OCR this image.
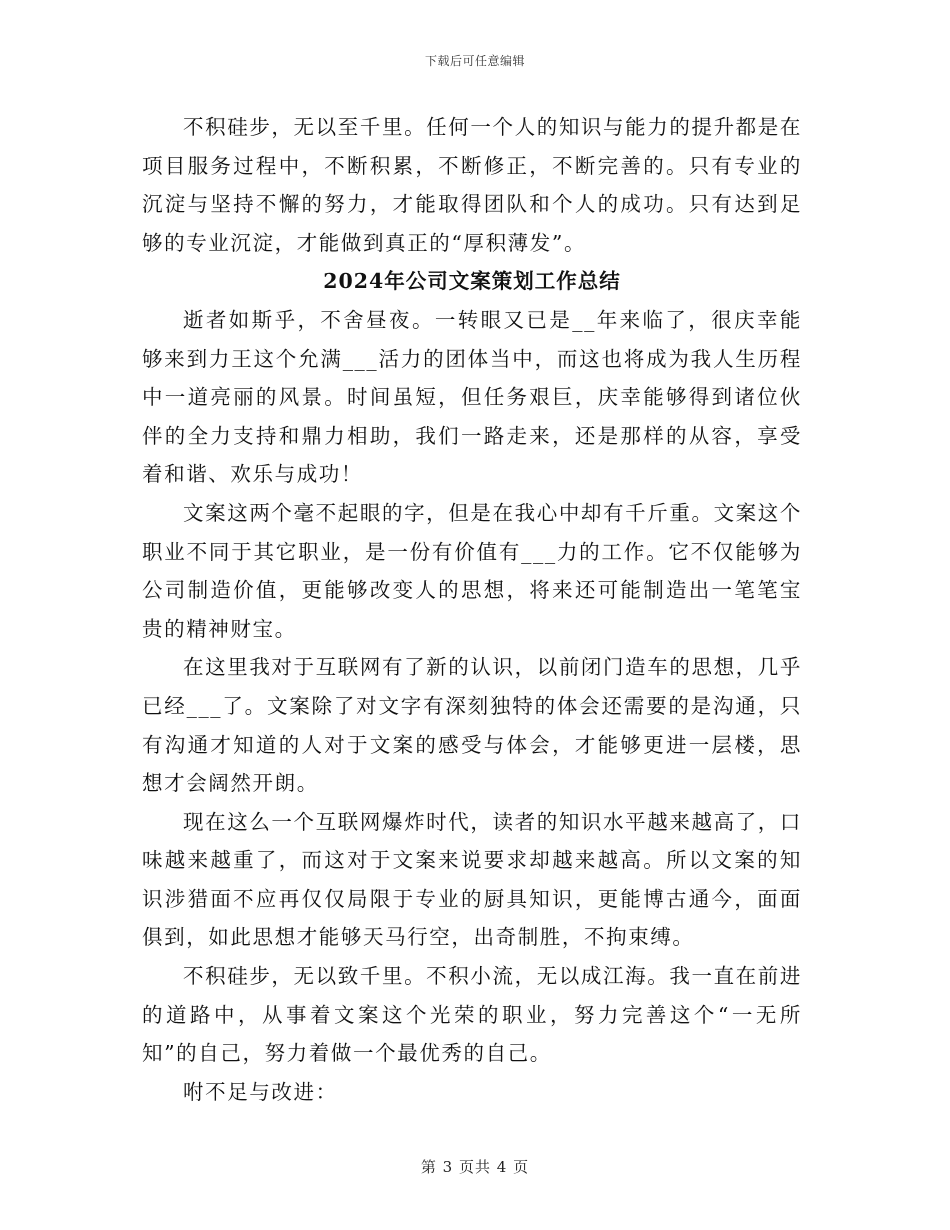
下载后可任意编辑

不积硅步，无以至千里。任何一个人的知识与能力的提升都是在项目服务过程中，不断积累，不断修正，不断完善的。只有专业的沉淀与坚持不懈的努力，才能取得团队和个人的成功。只有达到足够的专业沉淀，才能做到真正的“厚积薄发”。

2024年公司文案策划工作总结

逝者如斯乎，不舍昼夜。一转眼又已是__年来临了，很庆幸能够来到力王这个允满___活力的团体当中，而这也将成为我人生历程中一道亮丽的风景。时间虽短，但任务艰巨，庆幸能够得到诸位伙伴的全力支持和鼎力相助，我们一路走来，还是那样的从容，享受着和谐、欢乐与成功！

文案这两个毫不起眼的字，但是在我心中却有千斤重。文案这个职业不同于其它职业，是一份有价值有___力的工作。它不仅能够为公司制造价值，更能够改变人的思想，将来还可能制造出一笔笔宝贵的精神财宝。

在这里我对于互联网有了新的认识，以前闭门造车的思想，几乎已经___了。文案除了对文字有深刻独特的体会还需要的是沟通，只有沟通才知道的人对于文案的感受与体会，才能够更进一层楼，思想才会阔然开朗。

现在这么一个互联网爆炸时代，读者的知识水平越来越高了，口味越来越重了，而这对于文案来说要求却越来越高。所以文案的知识涉猎面不应再仅仅局限于专业的厨具知识，更能博古通今，面面俱到，如此思想才能够天马行空，出奇制胜，不拘束缚。

不积硅步，无以致千里。不积小流，无以成江海。我一直在前进的道路中，从事着文案这个光荣的职业，努力完善这个“一无所知”的自己，努力着做一个最优秀的自己。

咐不足与改进：

第 3 页共 4 页
